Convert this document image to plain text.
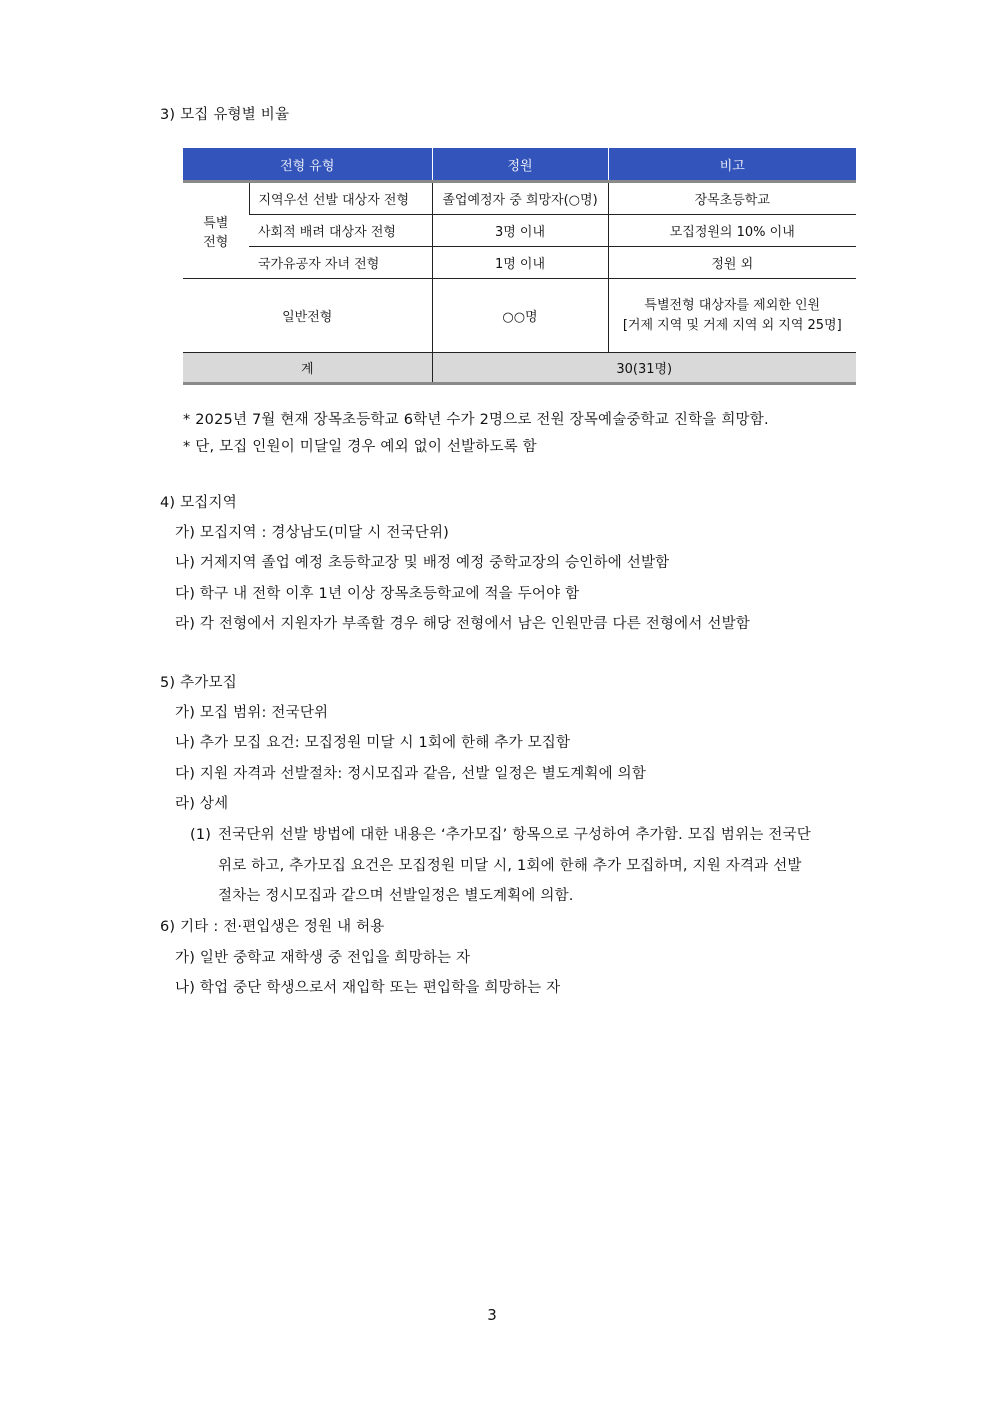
3) 모집 유형별 비율
전형 유형		정원	비고
특별
전형	지역우선 선발 대상자 전형	졸업예정자 중 희망자(○명)	장목초등학교
	사회적 배려 대상자 전형	3명 이내	모집정원의 10% 이내
	국가유공자 자녀 전형	1명 이내	정원 외
일반전형		○○명	특별전형 대상자를 제외한 인원
[거제 지역 및 거제 지역 외 지역 25명]
계		30(31명)	
* 2025년 7월 현재 장목초등학교 6학년 수가 2명으로 전원 장목예술중학교 진학을 희망함.
* 단, 모집 인원이 미달일 경우 예외 없이 선발하도록 함
4) 모집지역
가) 모집지역 : 경상남도(미달 시 전국단위)
나) 거제지역 졸업 예정 초등학교장 및 배정 예정 중학교장의 승인하에 선발함
다) 학구 내 전학 이후 1년 이상 장목초등학교에 적을 두어야 함
라) 각 전형에서 지원자가 부족할 경우 해당 전형에서 남은 인원만큼 다른 전형에서 선발함
5) 추가모집
가) 모집 범위: 전국단위
나) 추가 모집 요건: 모집정원 미달 시 1회에 한해 추가 모집함
다) 지원 자격과 선발절차: 정시모집과 같음, 선발 일정은 별도계획에 의함
라) 상세
(1) 전국단위 선발 방법에 대한 내용은 ‘추가모집’ 항목으로 구성하여 추가함. 모집 범위는 전국단
위로 하고, 추가모집 요건은 모집정원 미달 시, 1회에 한해 추가 모집하며, 지원 자격과 선발
절차는 정시모집과 같으며 선발일정은 별도계획에 의함.
6) 기타 : 전·편입생은 정원 내 허용
가) 일반 중학교 재학생 중 전입을 희망하는 자
나) 학업 중단 학생으로서 재입학 또는 편입학을 희망하는 자
3
